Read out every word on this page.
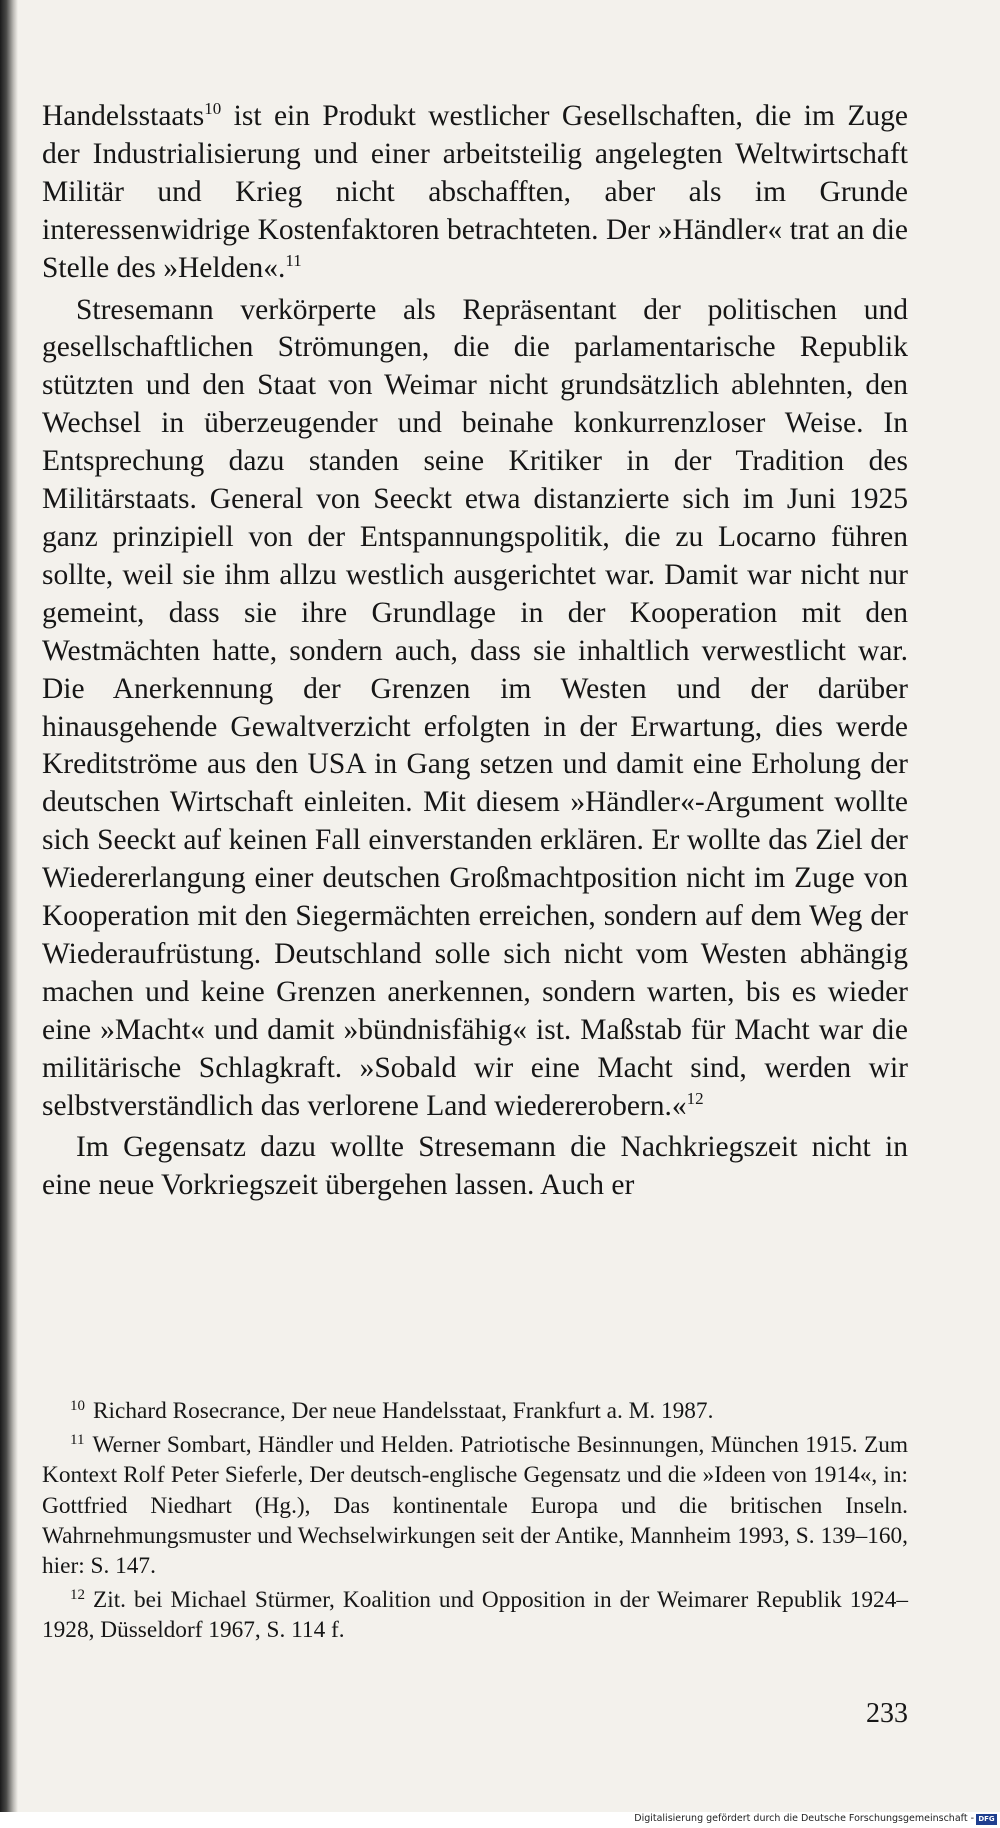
Handelsstaats$^{10}$ ist ein Produkt westlicher Gesellschaften, die im Zuge der Industrialisierung und einer arbeitsteilig angelegten Weltwirtschaft Militär und Krieg nicht abschafften, aber als im Grunde interessenwidrige Kostenfaktoren betrachteten. Der »Händler« trat an die Stelle des »Helden«.$^{11}$

Stresemann verkörperte als Repräsentant der politischen und gesellschaftlichen Strömungen, die die parlamentarische Republik stützten und den Staat von Weimar nicht grundsätzlich ablehnten, den Wechsel in überzeugender und beinahe konkurrenzloser Weise. In Entsprechung dazu standen seine Kritiker in der Tradition des Militärstaats. General von Seeckt etwa distanzierte sich im Juni 1925 ganz prinzipiell von der Entspannungspolitik, die zu Locarno führen sollte, weil sie ihm allzu westlich ausgerichtet war. Damit war nicht nur gemeint, dass sie ihre Grundlage in der Kooperation mit den Westmächten hatte, sondern auch, dass sie inhaltlich verwestlicht war. Die Anerkennung der Grenzen im Westen und der darüber hinausgehende Gewaltverzicht erfolgten in der Erwartung, dies werde Kreditströme aus den USA in Gang setzen und damit eine Erholung der deutschen Wirtschaft einleiten. Mit diesem »Händler«-Argument wollte sich Seeckt auf keinen Fall einverstanden erklären. Er wollte das Ziel der Wiedererlangung einer deutschen Großmachtposition nicht im Zuge von Kooperation mit den Siegermächten erreichen, sondern auf dem Weg der Wiederaufrüstung. Deutschland solle sich nicht vom Westen abhängig machen und keine Grenzen anerkennen, sondern warten, bis es wieder eine »Macht« und damit »bündnisfähig« ist. Maßstab für Macht war die militärische Schlagkraft. »Sobald wir eine Macht sind, werden wir selbstverständlich das verlorene Land wiedererobern.«$^{12}$

Im Gegensatz dazu wollte Stresemann die Nachkriegszeit nicht in eine neue Vorkriegszeit übergehen lassen. Auch er

$^{10}$ Richard Rosecrance, Der neue Handelsstaat, Frankfurt a. M. 1987.

$^{11}$ Werner Sombart, Händler und Helden. Patriotische Besinnungen, München 1915. Zum Kontext Rolf Peter Sieferle, Der deutsch-englische Gegensatz und die »Ideen von 1914«, in: Gottfried Niedhart (Hg.), Das kontinentale Europa und die britischen Inseln. Wahrnehmungsmuster und Wechselwirkungen seit der Antike, Mannheim 1993, S. 139–160, hier: S. 147.

$^{12}$ Zit. bei Michael Stürmer, Koalition und Opposition in der Weimarer Republik 1924–1928, Düsseldorf 1967, S. 114 f.

233
Digitalisierung gefördert durch die Deutsche Forschungsgemeinschaft - DFG
